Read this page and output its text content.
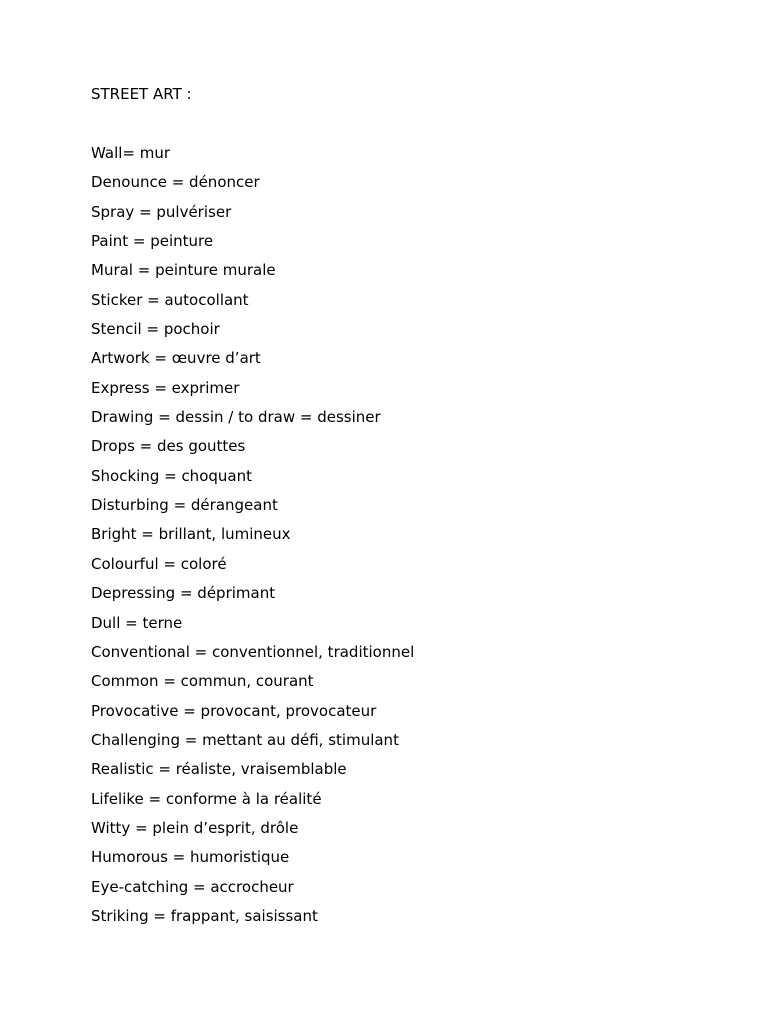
STREET ART :
Wall= mur
Denounce = dénoncer
Spray = pulvériser
Paint = peinture
Mural = peinture murale
Sticker = autocollant
Stencil = pochoir
Artwork = œuvre d’art
Express = exprimer
Drawing = dessin / to draw = dessiner
Drops = des gouttes
Shocking = choquant
Disturbing = dérangeant
Bright = brillant, lumineux
Colourful = coloré
Depressing = déprimant
Dull = terne
Conventional = conventionnel, traditionnel
Common = commun, courant
Provocative = provocant, provocateur
Challenging = mettant au défi, stimulant
Realistic = réaliste, vraisemblable
Lifelike = conforme à la réalité
Witty = plein d’esprit, drôle
Humorous = humoristique
Eye-catching = accrocheur
Striking = frappant, saisissant
